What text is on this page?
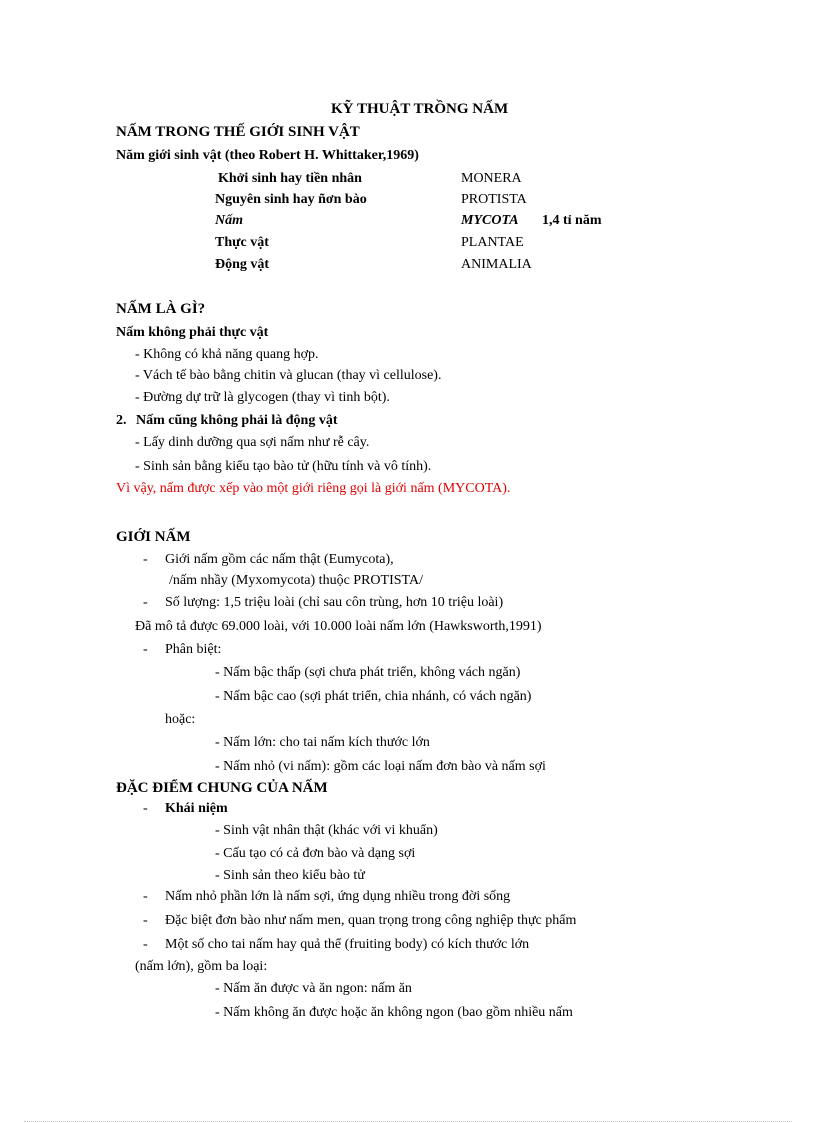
KỸ THUẬT TRỒNG NẤM
NẤM TRONG THẾ GIỚI SINH VẬT
Năm giới sinh vật (theo Robert H. Whittaker,1969)
Khởi sinh hay tiền nhân	MONERA
Nguyên sinh hay ñơn bào	PROTISTA
Nấm	MYCOTA 1,4 tỉ năm
Thực vật	PLANTAE
Động vật	ANIMALIA
NẤM LÀ GÌ?
Nấm không phải thực vật
- Không có khả năng quang hợp.
- Vách tế bào bằng chitin và glucan (thay vì cellulose).
- Đường dự trữ là glycogen (thay vì tinh bột).
2. Nấm cũng không phải là động vật
- Lấy dinh dưỡng qua sợi nấm như rễ cây.
- Sinh sản bằng kiểu tạo bào tử (hữu tính và vô tính).
Vì vậy, nấm được xếp vào một giới riêng gọi là giới nấm (MYCOTA).
GIỚI NẤM
- Giới nấm gồm các nấm thật (Eumycota),
/nấm nhầy (Myxomycota) thuộc PROTISTA/
- Số lượng: 1,5 triệu loài (chỉ sau côn trùng, hơn 10 triệu loài)
Đã mô tả được 69.000 loài, với 10.000 loài nấm lớn (Hawksworth,1991)
- Phân biệt:
- Nấm bậc thấp (sợi chưa phát triển, không vách ngăn)
- Nấm bậc cao (sợi phát triển, chia nhánh, có vách ngăn)
hoặc:
- Nấm lớn: cho tai nấm kích thước lớn
- Nấm nhỏ (vi nấm): gồm các loại nấm đơn bào và nấm sợi
ĐẶC ĐIỂM CHUNG CỦA NẤM
- Khái niệm
- Sinh vật nhân thật (khác với vi khuẩn)
- Cấu tạo có cả đơn bào và dạng sợi
- Sinh sản theo kiểu bào tử
- Nấm nhỏ phần lớn là nấm sợi, ứng dụng nhiều trong đời sống
- Đặc biệt đơn bào như nấm men, quan trọng trong công nghiệp thực phẩm
- Một số cho tai nấm hay quả thể (fruiting body) có kích thước lớn
(nấm lớn), gồm ba loại:
- Nấm ăn được và ăn ngon: nấm ăn
- Nấm không ăn được hoặc ăn không ngon (bao gồm nhiều nấm
